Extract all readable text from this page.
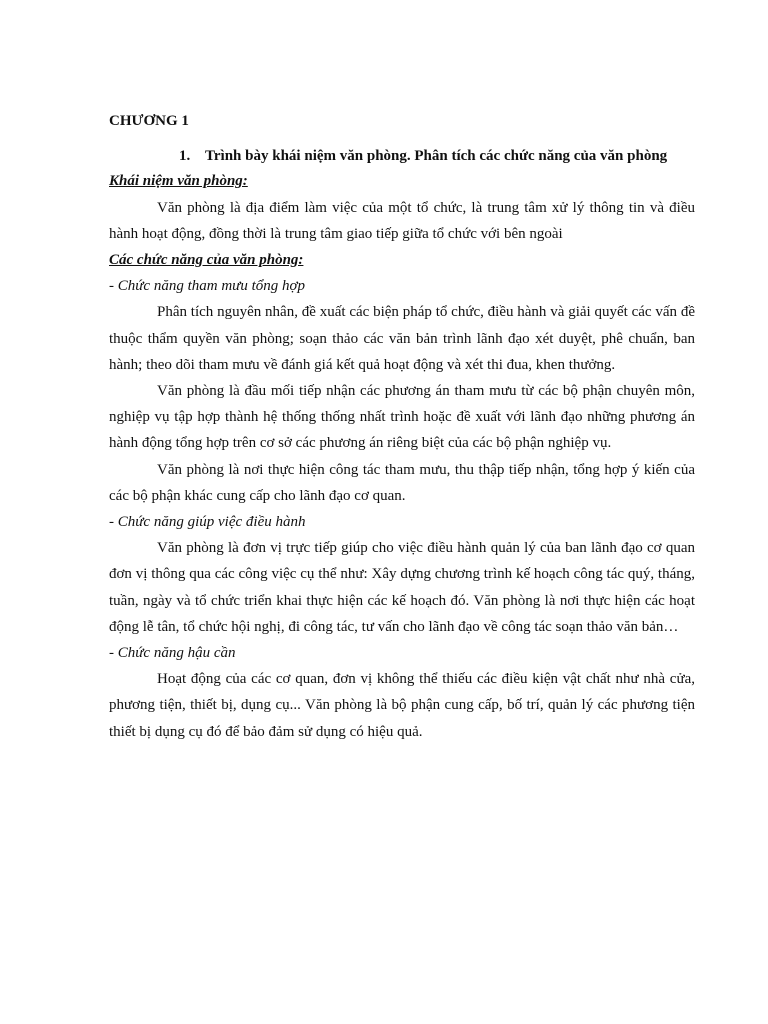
CHƯƠNG 1
1. Trình bày khái niệm văn phòng. Phân tích các chức năng của văn phòng
Khái niệm văn phòng:

Văn phòng là địa điểm làm việc của một tổ chức, là trung tâm xử lý thông tin và điều hành hoạt động, đồng thời là trung tâm giao tiếp giữa tổ chức với bên ngoài

Các chức năng của văn phòng:
- Chức năng tham mưu tổng hợp

Phân tích nguyên nhân, đề xuất các biện pháp tổ chức, điều hành và giải quyết các vấn đề thuộc thẩm quyền văn phòng; soạn thảo các văn bản trình lãnh đạo xét duyệt, phê chuẩn, ban hành; theo dõi tham mưu về đánh giá kết quả hoạt động và xét thi đua, khen thưởng.

Văn phòng là đầu mối tiếp nhận các phương án tham mưu từ các bộ phận chuyên môn, nghiệp vụ tập hợp thành hệ thống thống nhất trình hoặc đề xuất với lãnh đạo những phương án hành động tổng hợp trên cơ sở các phương án riêng biệt của các bộ phận nghiệp vụ.

Văn phòng là nơi thực hiện công tác tham mưu, thu thập tiếp nhận, tổng hợp ý kiến của các bộ phận khác cung cấp cho lãnh đạo cơ quan.

- Chức năng giúp việc điều hành

Văn phòng là đơn vị trực tiếp giúp cho việc điều hành quản lý của ban lãnh đạo cơ quan đơn vị thông qua các công việc cụ thể như: Xây dựng chương trình kế hoạch công tác quý, tháng, tuần, ngày và tổ chức triển khai thực hiện các kế hoạch đó. Văn phòng là nơi thực hiện các hoạt động lễ tân, tổ chức hội nghị, đi công tác, tư vấn cho lãnh đạo về công tác soạn thảo văn bản…

- Chức năng hậu cần

Hoạt động của các cơ quan, đơn vị không thể thiếu các điều kiện vật chất như nhà cửa, phương tiện, thiết bị, dụng cụ... Văn phòng là bộ phận cung cấp, bố trí, quản lý các phương tiện thiết bị dụng cụ đó để bảo đảm sử dụng có hiệu quả.
